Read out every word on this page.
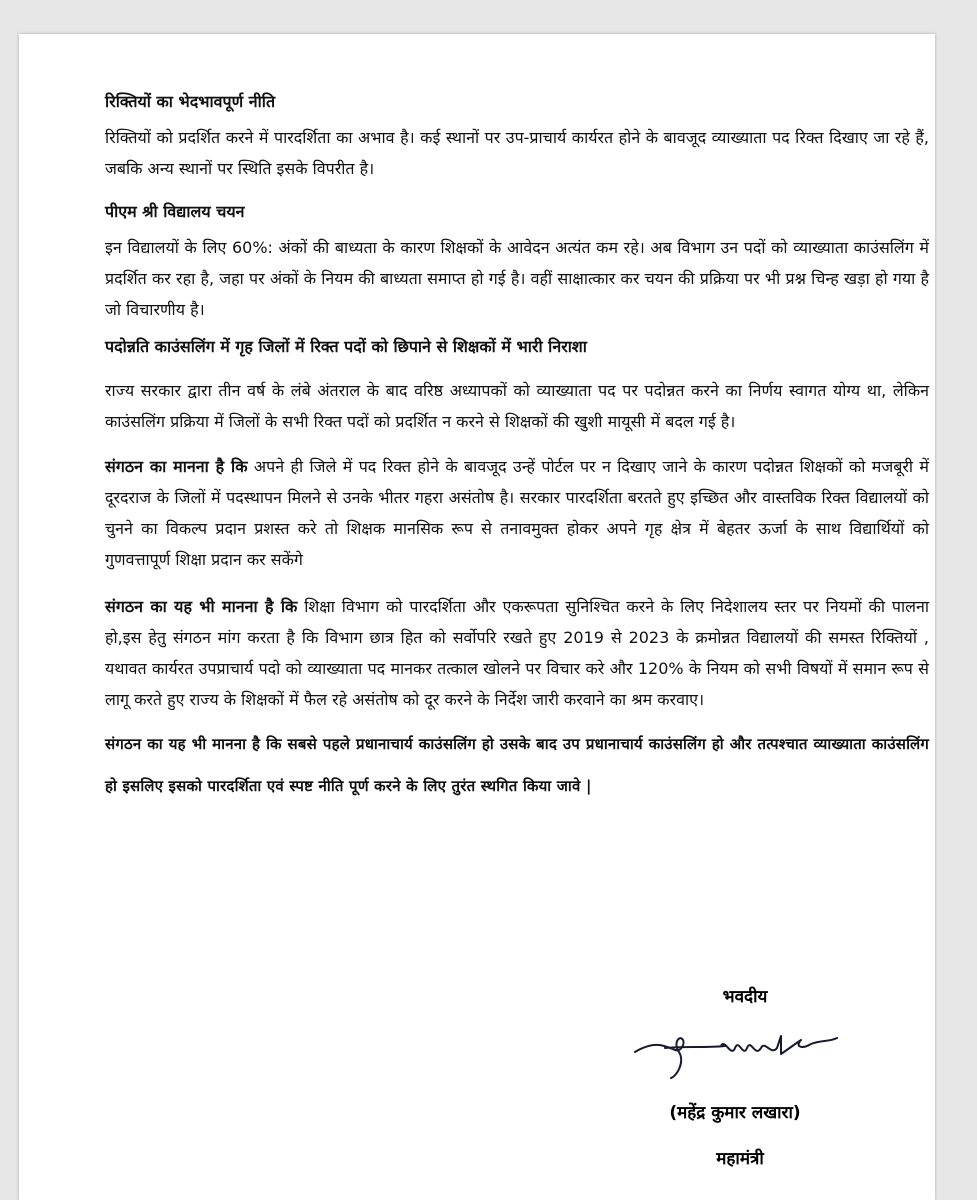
रिक्तियों का भेदभावपूर्ण नीति

रिक्तियों को प्रदर्शित करने में पारदर्शिता का अभाव है। कई स्थानों पर उप-प्राचार्य कार्यरत होने के बावजूद व्याख्याता पद रिक्त दिखाए जा रहे हैं, जबकि अन्य स्थानों पर स्थिति इसके विपरीत है।

पीएम श्री विद्यालय चयन

इन विद्यालयों के लिए 60%: अंकों की बाध्यता के कारण शिक्षकों के आवेदन अत्यंत कम रहे। अब विभाग उन पदों को व्याख्याता काउंसलिंग में प्रदर्शित कर रहा है, जहा पर अंकों के नियम की बाध्यता समाप्त हो गई है। वहीं साक्षात्कार कर चयन की प्रक्रिया पर भी प्रश्न चिन्ह खड़ा हो गया है जो विचारणीय है।

पदोन्नति काउंसलिंग में गृह जिलों में रिक्त पदों को छिपाने से शिक्षकों में भारी निराशा

राज्य सरकार द्वारा तीन वर्ष के लंबे अंतराल के बाद वरिष्ठ अध्यापकों को व्याख्याता पद पर पदोन्नत करने का निर्णय स्वागत योग्य था, लेकिन काउंसलिंग प्रक्रिया में जिलों के सभी रिक्त पदों को प्रदर्शित न करने से शिक्षकों की खुशी मायूसी में बदल गई है।

संगठन का मानना है कि अपने ही जिले में पद रिक्त होने के बावजूद उन्हें पोर्टल पर न दिखाए जाने के कारण पदोन्नत शिक्षकों को मजबूरी में दूरदराज के जिलों में पदस्थापन मिलने से उनके भीतर गहरा असंतोष है। सरकार पारदर्शिता बरतते हुए इच्छित और वास्तविक रिक्त विद्यालयों को चुनने का विकल्प प्रदान प्रशस्त करे तो शिक्षक मानसिक रूप से तनावमुक्त होकर अपने गृह क्षेत्र में बेहतर ऊर्जा के साथ विद्यार्थियों को गुणवत्तापूर्ण शिक्षा प्रदान कर सकेंगे

संगठन का यह भी मानना है कि शिक्षा विभाग को पारदर्शिता और एकरूपता सुनिश्चित करने के लिए निदेशालय स्तर पर नियमों की पालना हो,इस हेतु संगठन मांग करता है कि विभाग छात्र हित को सर्वोपरि रखते हुए 2019 से 2023 के क्रमोन्नत विद्यालयों की समस्त रिक्तियों , यथावत कार्यरत उपप्राचार्य पदो को व्याख्याता पद मानकर तत्काल खोलने पर विचार करे और 120% के नियम को सभी विषयों में समान रूप से लागू करते हुए राज्य के शिक्षकों में फैल रहे असंतोष को दूर करने के निर्देश जारी करवाने का श्रम करवाए।

संगठन का यह भी मानना है कि सबसे पहले प्रधानाचार्य काउंसलिंग हो उसके बाद उप प्रधानाचार्य काउंसलिंग हो और तत्पश्चात व्याख्याता काउंसलिंग हो इसलिए इसको पारदर्शिता एवं स्पष्ट नीति पूर्ण करने के लिए तुरंत स्थगित किया जावे |

भवदीय
(महेंद्र कुमार लखारा)
महामंत्री
